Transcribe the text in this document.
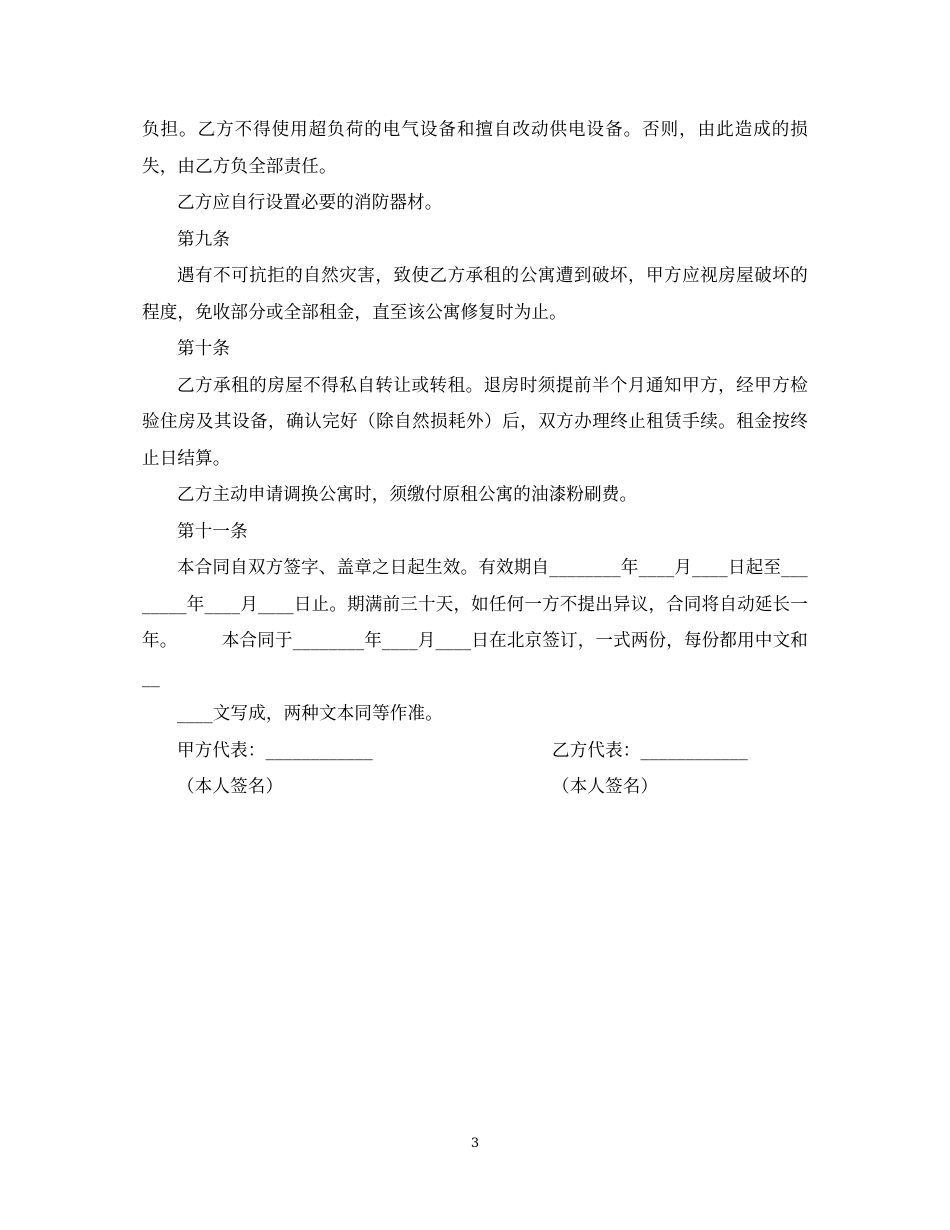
负担。乙方不得使用超负荷的电气设备和擅自改动供电设备。否则，由此造成的损失，由乙方负全部责任。

乙方应自行设置必要的消防器材。

第九条

遇有不可抗拒的自然灾害，致使乙方承租的公寓遭到破坏，甲方应视房屋破坏的程度，免收部分或全部租金，直至该公寓修复时为止。

第十条

乙方承租的房屋不得私自转让或转租。退房时须提前半个月通知甲方，经甲方检验住房及其设备，确认完好（除自然损耗外）后，双方办理终止租赁手续。租金按终止日结算。

乙方主动申请调换公寓时，须缴付原租公寓的油漆粉刷费。

第十一条

本合同自双方签字、盖章之日起生效。有效期自________年____月____日起至________年____月____日止。期满前三十天，如任何一方不提出异议，合同将自动延长一年。　　　本合同于________年____月____日在北京签订，一式两份，每份都用中文和__

____文写成，两种文本同等作准。

甲方代表：____________	乙方代表：____________
（本人签名）	（本人签名）
3
